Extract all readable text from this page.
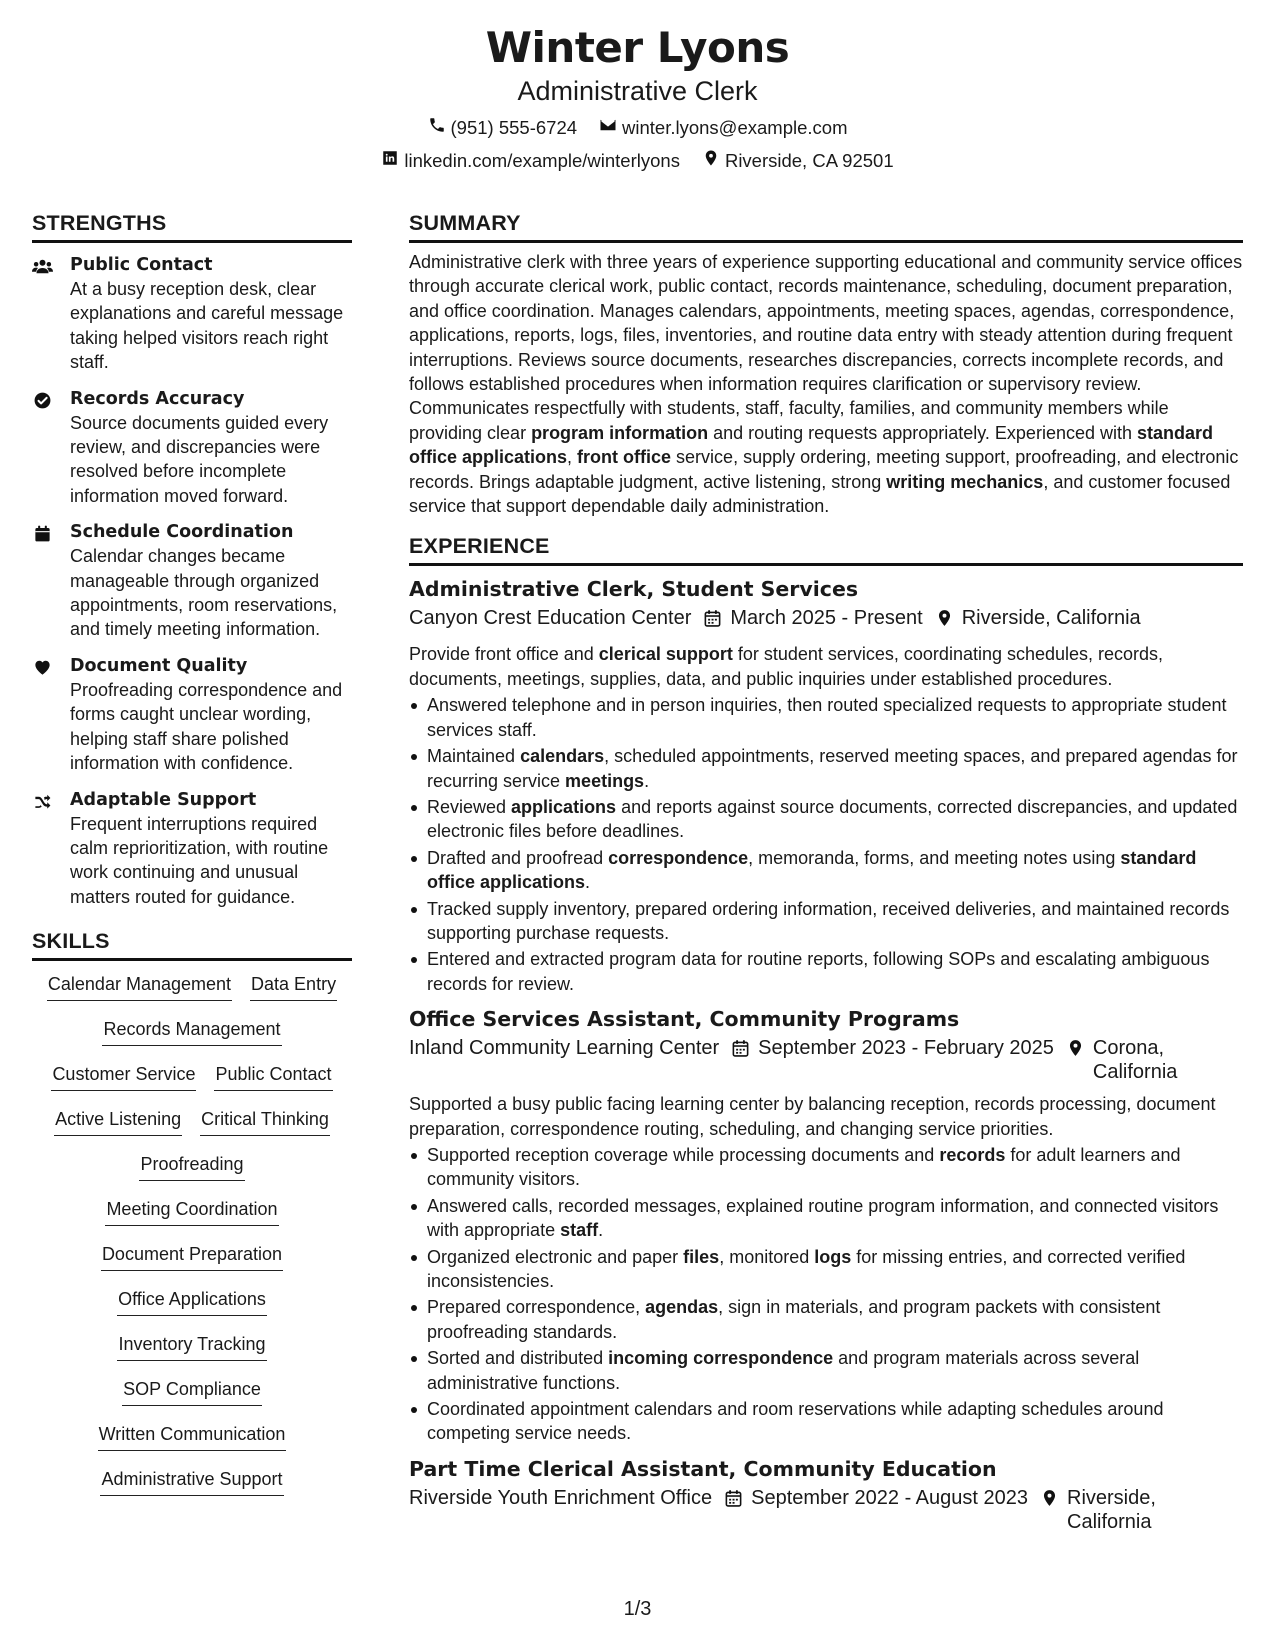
Winter Lyons
Administrative Clerk
(951) 555-6724 winter.lyons@example.com
linkedin.com/example/winterlyons Riverside, CA 92501
STRENGTHS
Public Contact
At a busy reception desk, clear explanations and careful message taking helped visitors reach right staff.
Records Accuracy
Source documents guided every review, and discrepancies were resolved before incomplete information moved forward.
Schedule Coordination
Calendar changes became manageable through organized appointments, room reservations, and timely meeting information.
Document Quality
Proofreading correspondence and forms caught unclear wording, helping staff share polished information with confidence.
Adaptable Support
Frequent interruptions required calm reprioritization, with routine work continuing and unusual matters routed for guidance.
SKILLS
Calendar Management Data Entry
Records Management
Customer Service Public Contact
Active Listening Critical Thinking
Proofreading
Meeting Coordination
Document Preparation
Office Applications
Inventory Tracking
SOP Compliance
Written Communication
Administrative Support
SUMMARY
Administrative clerk with three years of experience supporting educational and community service offices through accurate clerical work, public contact, records maintenance, scheduling, document preparation, and office coordination. Manages calendars, appointments, meeting spaces, agendas, correspondence, applications, reports, logs, files, inventories, and routine data entry with steady attention during frequent interruptions. Reviews source documents, researches discrepancies, corrects incomplete records, and follows established procedures when information requires clarification or supervisory review. Communicates respectfully with students, staff, faculty, families, and community members while providing clear program information and routing requests appropriately. Experienced with standard office applications, front office service, supply ordering, meeting support, proofreading, and electronic records. Brings adaptable judgment, active listening, strong writing mechanics, and customer focused service that support dependable daily administration.
EXPERIENCE
Administrative Clerk, Student Services
Canyon Crest Education Center March 2025 - Present Riverside, California
Provide front office and clerical support for student services, coordinating schedules, records, documents, meetings, supplies, data, and public inquiries under established procedures.
Answered telephone and in person inquiries, then routed specialized requests to appropriate student services staff.
Maintained calendars, scheduled appointments, reserved meeting spaces, and prepared agendas for recurring service meetings.
Reviewed applications and reports against source documents, corrected discrepancies, and updated electronic files before deadlines.
Drafted and proofread correspondence, memoranda, forms, and meeting notes using standard office applications.
Tracked supply inventory, prepared ordering information, received deliveries, and maintained records supporting purchase requests.
Entered and extracted program data for routine reports, following SOPs and escalating ambiguous records for review.
Office Services Assistant, Community Programs
Inland Community Learning Center September 2023 - February 2025 Corona, California
Supported a busy public facing learning center by balancing reception, records processing, document preparation, correspondence routing, scheduling, and changing service priorities.
Supported reception coverage while processing documents and records for adult learners and community visitors.
Answered calls, recorded messages, explained routine program information, and connected visitors with appropriate staff.
Organized electronic and paper files, monitored logs for missing entries, and corrected verified inconsistencies.
Prepared correspondence, agendas, sign in materials, and program packets with consistent proofreading standards.
Sorted and distributed incoming correspondence and program materials across several administrative functions.
Coordinated appointment calendars and room reservations while adapting schedules around competing service needs.
Part Time Clerical Assistant, Community Education
Riverside Youth Enrichment Office September 2022 - August 2023 Riverside, California
1/3
